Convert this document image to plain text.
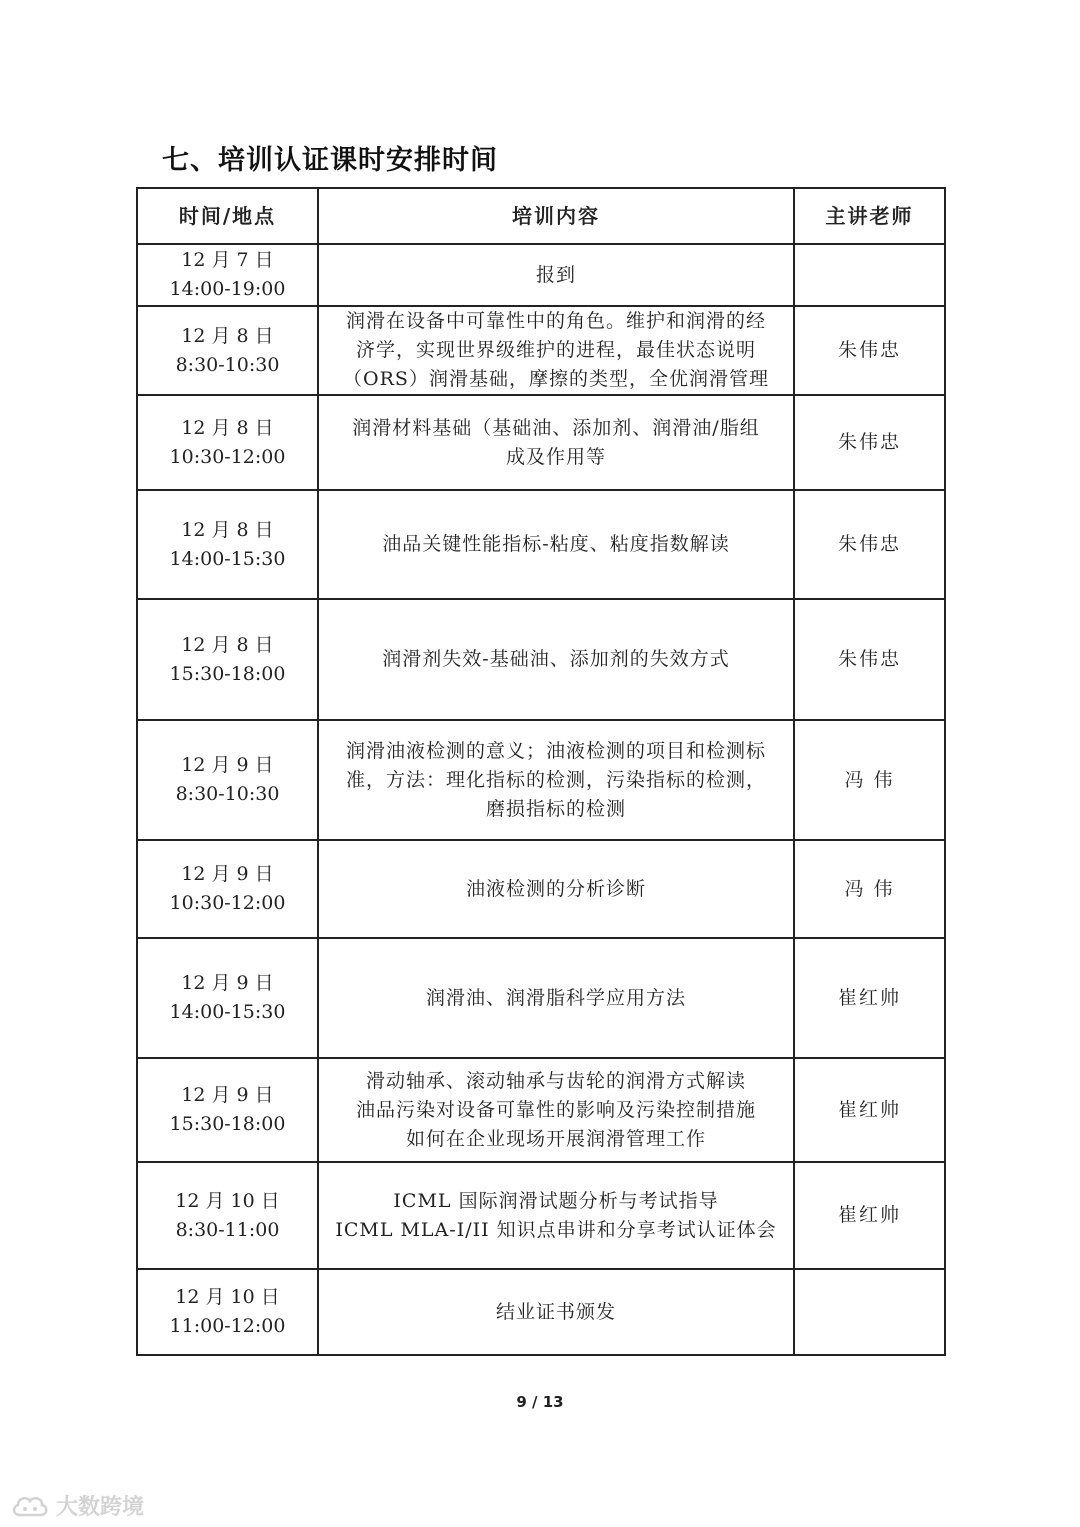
七、培训认证课时安排时间
时间/地点	培训内容	主讲老师

12 月 7 日
14:00-19:00	报到	

12 月 8 日
8:30-10:30	润滑在设备中可靠性中的角色。维护和润滑的经
济学，实现世界级维护的进程，最佳状态说明
（ORS）润滑基础，摩擦的类型，全优润滑管理	朱伟忠

12 月 8 日
10:30-12:00	润滑材料基础（基础油、添加剂、润滑油/脂组
成及作用等	朱伟忠

12 月 8 日
14:00-15:30	油品关键性能指标-粘度、粘度指数解读	朱伟忠

12 月 8 日
15:30-18:00	润滑剂失效-基础油、添加剂的失效方式	朱伟忠

12 月 9 日
8:30-10:30	润滑油液检测的意义；油液检测的项目和检测标
准，方法：理化指标的检测，污染指标的检测，
磨损指标的检测	冯 伟

12 月 9 日
10:30-12:00	油液检测的分析诊断	冯 伟

12 月 9 日
14:00-15:30	润滑油、润滑脂科学应用方法	崔红帅

12 月 9 日
15:30-18:00	滑动轴承、滚动轴承与齿轮的润滑方式解读
油品污染对设备可靠性的影响及污染控制措施
如何在企业现场开展润滑管理工作	崔红帅

12 月 10 日
8:30-11:00	ICML 国际润滑试题分析与考试指导
ICML MLA-I/II 知识点串讲和分享考试认证体会	崔红帅

12 月 10 日
11:00-12:00	结业证书颁发	

9 / 13
大数跨境
